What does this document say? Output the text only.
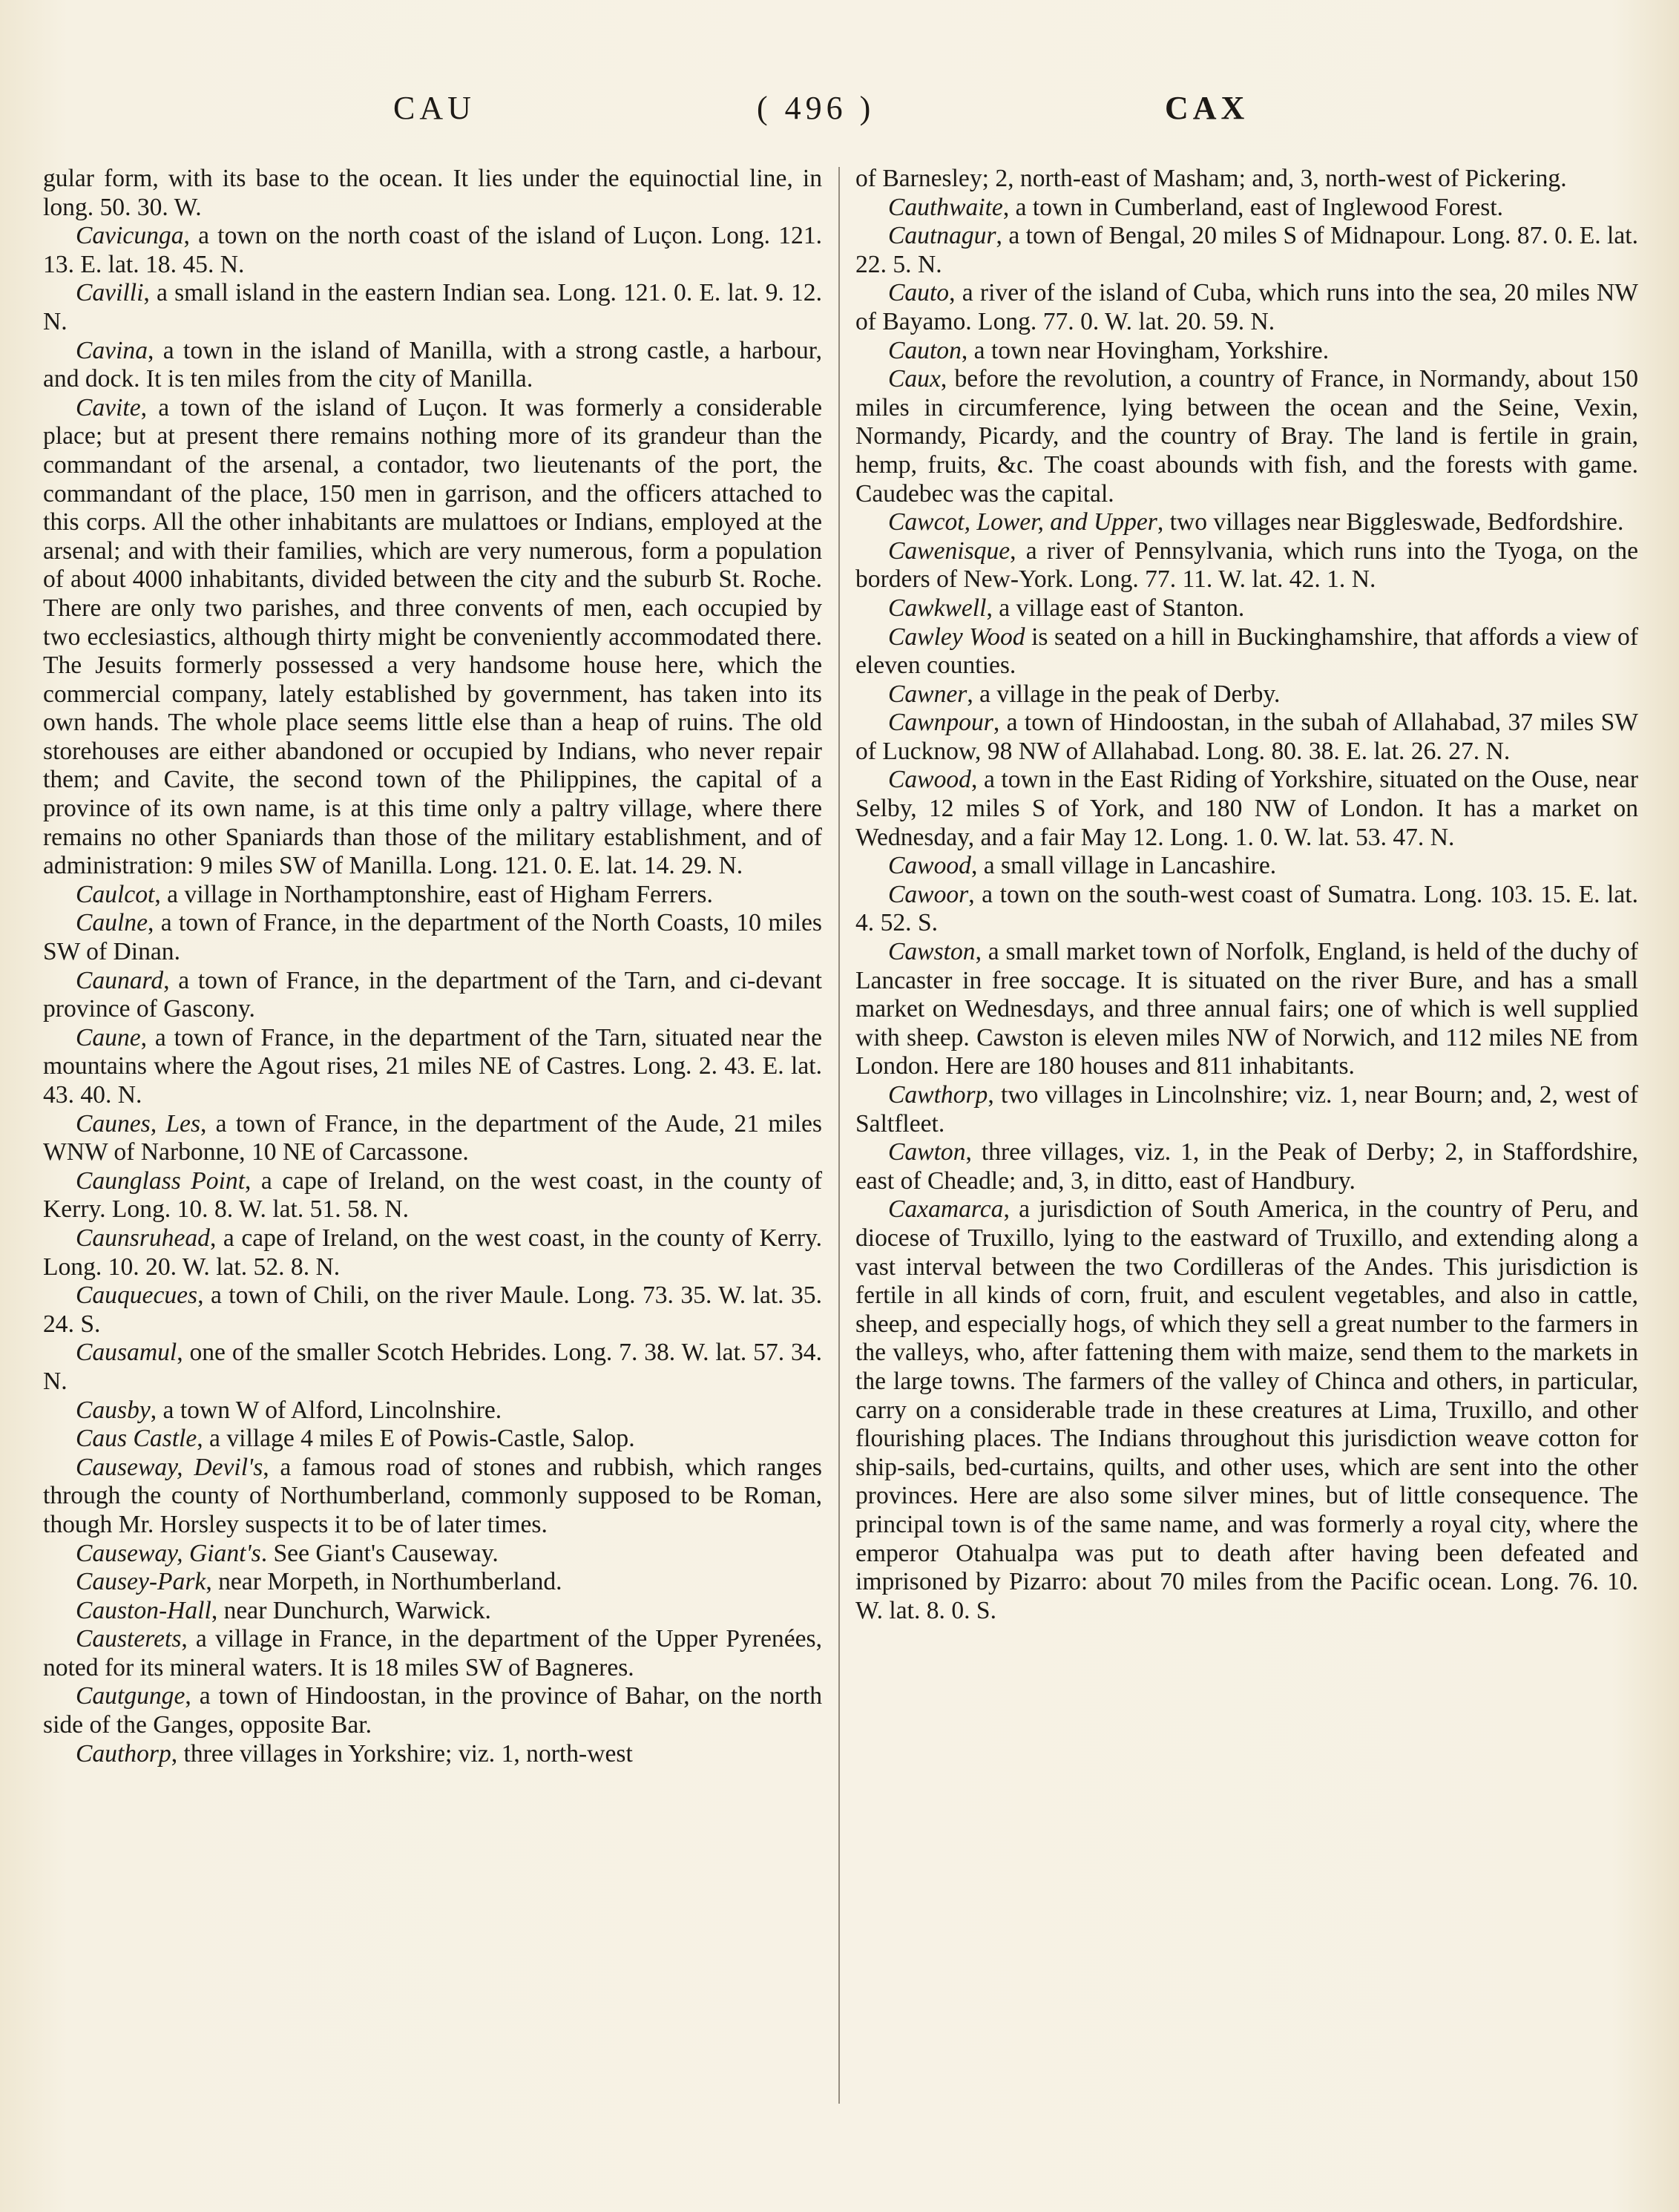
CAU	( 496 )	CAX

gular form, with its base to the ocean. It lies under the equinoctial line, in long. 50. 30. W.

Cavicunga, a town on the north coast of the island of Luçon. Long. 121. 13. E. lat. 18. 45. N.

Cavilli, a small island in the eastern Indian sea. Long. 121. 0. E. lat. 9. 12. N.

Cavina, a town in the island of Manilla, with a strong castle, a harbour, and dock. It is ten miles from the city of Manilla.

Cavite, a town of the island of Luçon. It was formerly a considerable place; but at present there remains nothing more of its grandeur than the commandant of the arsenal, a contador, two lieutenants of the port, the commandant of the place, 150 men in garrison, and the officers attached to this corps. All the other inhabitants are mulattoes or Indians, employed at the arsenal; and with their families, which are very numerous, form a population of about 4000 inhabitants, divided between the city and the suburb St. Roche. There are only two parishes, and three convents of men, each occupied by two ecclesiastics, although thirty might be conveniently accommodated there. The Jesuits formerly possessed a very handsome house here, which the commercial company, lately established by government, has taken into its own hands. The whole place seems little else than a heap of ruins. The old storehouses are either abandoned or occupied by Indians, who never repair them; and Cavite, the second town of the Philippines, the capital of a province of its own name, is at this time only a paltry village, where there remains no other Spaniards than those of the military establishment, and of administration: 9 miles SW of Manilla. Long. 121. 0. E. lat. 14. 29. N.

Caulcot, a village in Northamptonshire, east of Higham Ferrers.

Caulne, a town of France, in the department of the North Coasts, 10 miles SW of Dinan.

Caunard, a town of France, in the department of the Tarn, and ci-devant province of Gascony.

Caune, a town of France, in the department of the Tarn, situated near the mountains where the Agout rises, 21 miles NE of Castres. Long. 2. 43. E. lat. 43. 40. N.

Caunes, Les, a town of France, in the department of the Aude, 21 miles WNW of Narbonne, 10 NE of Carcassone.

Caunglass Point, a cape of Ireland, on the west coast, in the county of Kerry. Long. 10. 8. W. lat. 51. 58. N.

Caunsruhead, a cape of Ireland, on the west coast, in the county of Kerry. Long. 10. 20. W. lat. 52. 8. N.

Cauquecues, a town of Chili, on the river Maule. Long. 73. 35. W. lat. 35. 24. S.

Causamul, one of the smaller Scotch Hebrides. Long. 7. 38. W. lat. 57. 34. N.

Causby, a town W of Alford, Lincolnshire.

Caus Castle, a village 4 miles E of Powis-Castle, Salop.

Causeway, Devil's, a famous road of stones and rubbish, which ranges through the county of Northumberland, commonly supposed to be Roman, though Mr. Horsley suspects it to be of later times.

Causeway, Giant's. See Giant's Causeway.

Causey-Park, near Morpeth, in Northumberland.

Causton-Hall, near Dunchurch, Warwick.

Causterets, a village in France, in the department of the Upper Pyrenées, noted for its mineral waters. It is 18 miles SW of Bagneres.

Cautgunge, a town of Hindoostan, in the province of Bahar, on the north side of the Ganges, opposite Bar.

Cauthorp, three villages in Yorkshire; viz. 1, north-west

of Barnesley; 2, north-east of Masham; and, 3, north-west of Pickering.

Cauthwaite, a town in Cumberland, east of Inglewood Forest.

Cautnagur, a town of Bengal, 20 miles S of Midnapour. Long. 87. 0. E. lat. 22. 5. N.

Cauto, a river of the island of Cuba, which runs into the sea, 20 miles NW of Bayamo. Long. 77. 0. W. lat. 20. 59. N.

Cauton, a town near Hovingham, Yorkshire.

Caux, before the revolution, a country of France, in Normandy, about 150 miles in circumference, lying between the ocean and the Seine, Vexin, Normandy, Picardy, and the country of Bray. The land is fertile in grain, hemp, fruits, &c. The coast abounds with fish, and the forests with game. Caudebec was the capital.

Cawcot, Lower, and Upper, two villages near Biggleswade, Bedfordshire.

Cawenisque, a river of Pennsylvania, which runs into the Tyoga, on the borders of New-York. Long. 77. 11. W. lat. 42. 1. N.

Cawkwell, a village east of Stanton.

Cawley Wood is seated on a hill in Buckinghamshire, that affords a view of eleven counties.

Cawner, a village in the peak of Derby.

Cawnpour, a town of Hindoostan, in the subah of Allahabad, 37 miles SW of Lucknow, 98 NW of Allahabad. Long. 80. 38. E. lat. 26. 27. N.

Cawood, a town in the East Riding of Yorkshire, situated on the Ouse, near Selby, 12 miles S of York, and 180 NW of London. It has a market on Wednesday, and a fair May 12. Long. 1. 0. W. lat. 53. 47. N.

Cawood, a small village in Lancashire.

Cawoor, a town on the south-west coast of Sumatra. Long. 103. 15. E. lat. 4. 52. S.

Cawston, a small market town of Norfolk, England, is held of the duchy of Lancaster in free soccage. It is situated on the river Bure, and has a small market on Wednesdays, and three annual fairs; one of which is well supplied with sheep. Cawston is eleven miles NW of Norwich, and 112 miles NE from London. Here are 180 houses and 811 inhabitants.

Cawthorp, two villages in Lincolnshire; viz. 1, near Bourn; and, 2, west of Saltfleet.

Cawton, three villages, viz. 1, in the Peak of Derby; 2, in Staffordshire, east of Cheadle; and, 3, in ditto, east of Handbury.

Caxamarca, a jurisdiction of South America, in the country of Peru, and diocese of Truxillo, lying to the eastward of Truxillo, and extending along a vast interval between the two Cordilleras of the Andes. This jurisdiction is fertile in all kinds of corn, fruit, and esculent vegetables, and also in cattle, sheep, and especially hogs, of which they sell a great number to the farmers in the valleys, who, after fattening them with maize, send them to the markets in the large towns. The farmers of the valley of Chinca and others, in particular, carry on a considerable trade in these creatures at Lima, Truxillo, and other flourishing places. The Indians throughout this jurisdiction weave cotton for ship-sails, bed-curtains, quilts, and other uses, which are sent into the other provinces. Here are also some silver mines, but of little consequence. The principal town is of the same name, and was formerly a royal city, where the emperor Otahualpa was put to death after having been defeated and imprisoned by Pizarro: about 70 miles from the Pacific ocean. Long. 76. 10. W. lat. 8. 0. S.
